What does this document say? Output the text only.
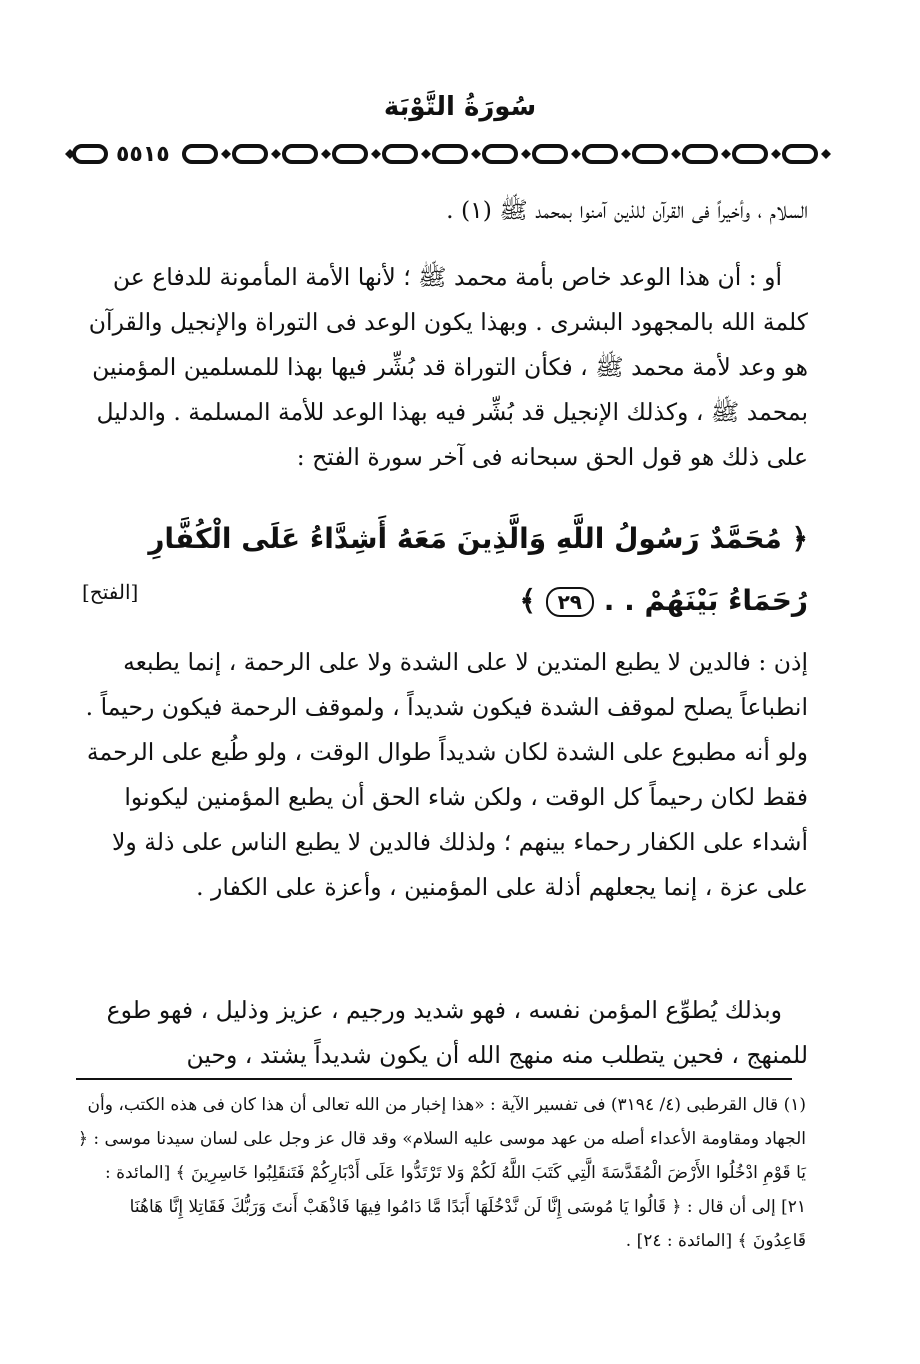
سُورَةُ التَّوْبَة
٥٥١٥
السلام ، وأخيراً فى القرآن للذين آمنوا بمحمد ﷺ (١) .
أو : أن هذا الوعد خاص بأمة محمد ﷺ ؛ لأنها الأمة المأمونة للدفاع عن كلمة الله بالمجهود البشرى . وبهذا يكون الوعد فى التوراة والإنجيل والقرآن هو وعد لأمة محمد ﷺ ، فكأن التوراة قد بُشِّر فيها بهذا للمسلمين المؤمنين بمحمد ﷺ ، وكذلك الإنجيل قد بُشِّر فيه بهذا الوعد للأمة المسلمة . والدليل على ذلك هو قول الحق سبحانه فى آخر سورة الفتح :
﴿ مُحَمَّدٌ رَسُولُ اللَّهِ وَالَّذِينَ مَعَهُ أَشِدَّاءُ عَلَى الْكُفَّارِ رُحَمَاءُ بَيْنَهُمْ . . ٢٩ ﴾
[الفتح]
إذن : فالدين لا يطبع المتدين لا على الشدة ولا على الرحمة ، إنما يطبعه انطباعاً يصلح لموقف الشدة فيكون شديداً ، ولموقف الرحمة فيكون رحيماً . ولو أنه مطبوع على الشدة لكان شديداً طوال الوقت ، ولو طُبع على الرحمة فقط لكان رحيماً كل الوقت ، ولكن شاء الحق أن يطبع المؤمنين ليكونوا أشداء على الكفار رحماء بينهم ؛ ولذلك فالدين لا يطبع الناس على ذلة ولا على عزة ، إنما يجعلهم أذلة على المؤمنين ، وأعزة على الكفار .
وبذلك يُطوِّع المؤمن نفسه ، فهو شديد ورجيم ، عزيز وذليل ، فهو طوع للمنهج ، فحين يتطلب منه منهج الله أن يكون شديداً يشتد ، وحين
(١) قال القرطبى (٤/ ٣١٩٤) فى تفسير الآية : «هذا إخبار من الله تعالى أن هذا كان فى هذه الكتب، وأن الجهاد ومقاومة الأعداء أصله من عهد موسى عليه السلام» وقد قال عز وجل على لسان سيدنا موسى : ﴿ يَا قَوْمِ ادْخُلُوا الأَرْضَ الْمُقَدَّسَةَ الَّتِي كَتَبَ اللَّهُ لَكُمْ وَلا تَرْتَدُّوا عَلَى أَدْبَارِكُمْ فَتَنقَلِبُوا خَاسِرِينَ ﴾ [المائدة : ٢١] إلى أن قال : ﴿ قَالُوا يَا مُوسَى إِنَّا لَن نَّدْخُلَهَا أَبَدًا مَّا دَامُوا فِيهَا فَاذْهَبْ أَنتَ وَرَبُّكَ فَقَاتِلا إِنَّا هَاهُنَا قَاعِدُونَ ﴾ [المائدة : ٢٤] .
